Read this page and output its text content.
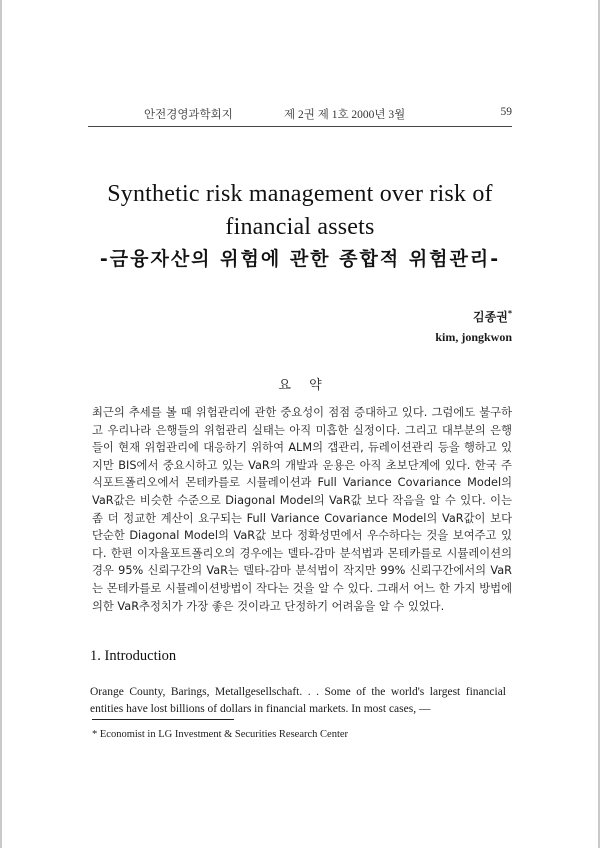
안전경영과학회지	제 2권 제 1호 2000년 3월	59
Synthetic risk management over risk of
financial assets
-금융자산의 위험에 관한 종합적 위험관리-
김종권*
kim, jongkwon
요 약
최근의 추세를 볼 때 위험관리에 관한 중요성이 점점 증대하고 있다. 그럼에도 불구하고 우리나라 은행들의 위험관리 실태는 아직 미흡한 실정이다. 그리고 대부분의 은행들이 현재 위험관리에 대응하기 위하여 ALM의 갭관리, 듀레이션관리 등을 행하고 있지만 BIS에서 중요시하고 있는 VaR의 개발과 운용은 아직 초보단계에 있다. 한국 주식포트폴리오에서 몬테카를로 시뮬레이션과 Full Variance Covariance Model의 VaR값은 비슷한 수준으로 Diagonal Model의 VaR값 보다 작음을 알 수 있다. 이는 좀 더 정교한 계산이 요구되는 Full Variance Covariance Model의 VaR값이 보다 단순한 Diagonal Model의 VaR값 보다 정확성면에서 우수하다는 것을 보여주고 있다. 한편 이자율포트폴리오의 경우에는 델타-감마 분석법과 몬테카를로 시뮬레이션의 경우 95% 신뢰구간의 VaR는 델타-감마 분석법이 작지만 99% 신뢰구간에서의 VaR는 몬테카를로 시뮬레이션방법이 작다는 것을 알 수 있다. 그래서 어느 한 가지 방법에 의한 VaR추정치가 가장 좋은 것이라고 단정하기 어려움을 알 수 있었다.
1. Introduction
Orange County, Barings, Metallgesellschaft. . . Some of the world's largest financial entities have lost billions of dollars in financial markets. In most cases, —
* Economist in LG Investment & Securities Research Center
